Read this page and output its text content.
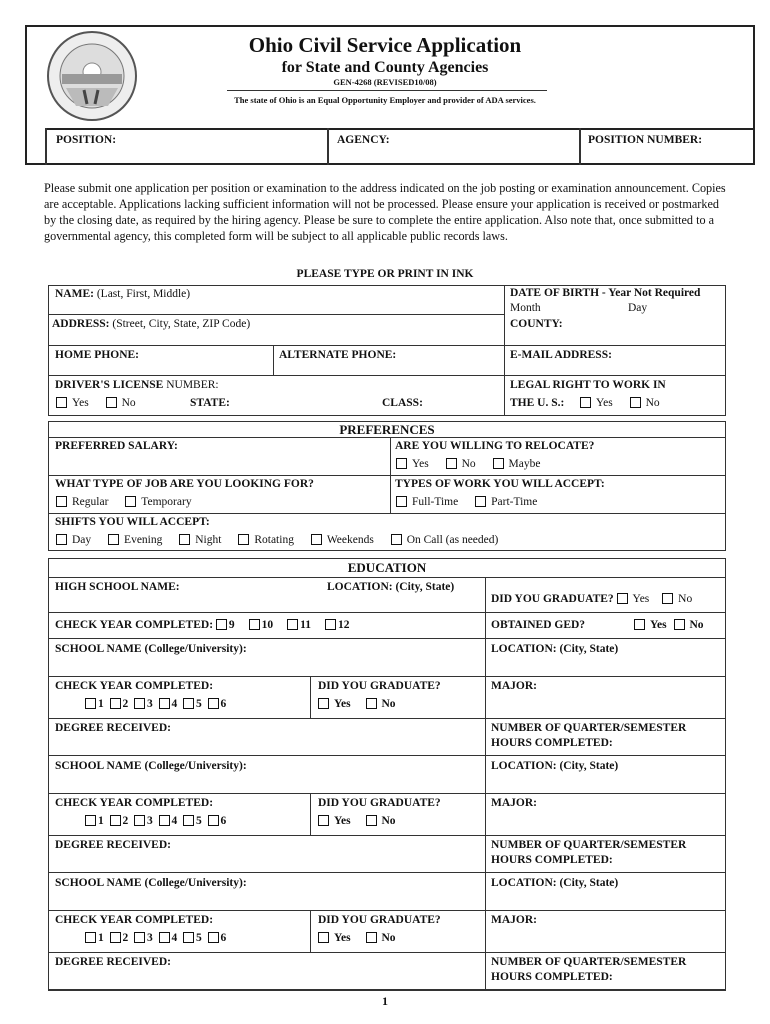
Ohio Civil Service Application
for State and County Agencies
GEN-4268 (REVISED10/08)
The state of Ohio is an Equal Opportunity Employer and provider of ADA services.
POSITION:	AGENCY:	POSITION NUMBER:
Please submit one application per position or examination to the address indicated on the job posting or examination announcement. Copies are acceptable. Applications lacking sufficient information will not be processed. Please ensure your application is received or postmarked by the closing date, as required by the hiring agency. Please be sure to complete the entire application. Also note that, once submitted to a governmental agency, this completed form will be subject to all applicable public records laws.
PLEASE TYPE OR PRINT IN INK
NAME: (Last, First, Middle)
ADDRESS: (Street, City, State, ZIP Code)
DATE OF BIRTH - Year Not Required
Month	Day
COUNTY:
HOME PHONE:	ALTERNATE PHONE:	E-MAIL ADDRESS:
DRIVER'S LICENSE NUMBER:
Yes	No	STATE:	CLASS:
LEGAL RIGHT TO WORK IN
THE U. S.:	Yes	No
PREFERENCES
PREFERRED SALARY:	ARE YOU WILLING TO RELOCATE?
Yes	No	Maybe
WHAT TYPE OF JOB ARE YOU LOOKING FOR?
Regular	Temporary
TYPES OF WORK YOU WILL ACCEPT:
Full-Time	Part-Time
SHIFTS YOU WILL ACCEPT:
Day	Evening	Night	Rotating	Weekends	On Call (as needed)
EDUCATION
HIGH SCHOOL NAME:	LOCATION: (City, State)
DID YOU GRADUATE? Yes	No
CHECK YEAR COMPLETED: 9 10 11 12	OBTAINED GED?	Yes No
SCHOOL NAME (College/University):	LOCATION: (City, State)
CHECK YEAR COMPLETED:
1 2 3 4 5 6
DID YOU GRADUATE?
Yes	No
MAJOR:
DEGREE RECEIVED:	NUMBER OF QUARTER/SEMESTER
HOURS COMPLETED:
SCHOOL NAME (College/University):	LOCATION: (City, State)
CHECK YEAR COMPLETED:
1 2 3 4 5 6
DID YOU GRADUATE?
Yes	No
MAJOR:
DEGREE RECEIVED:	NUMBER OF QUARTER/SEMESTER
HOURS COMPLETED:
SCHOOL NAME (College/University):	LOCATION: (City, State)
CHECK YEAR COMPLETED:
1 2 3 4 5 6
DID YOU GRADUATE?
Yes	No
MAJOR:
DEGREE RECEIVED:	NUMBER OF QUARTER/SEMESTER
HOURS COMPLETED:
1
